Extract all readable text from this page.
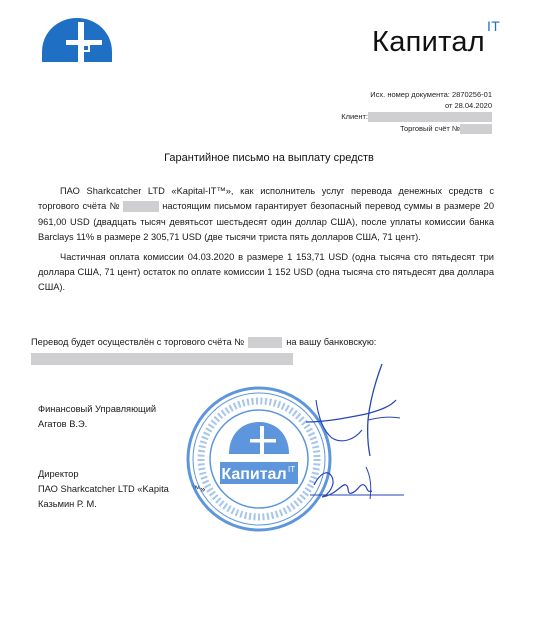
Капитал $^{IT}$
Исх. номер документа: 2870256-01
от 28.04.2020
Клиент:
Торговый счёт №
Гарантийное письмо на выплату средств

ПАО Sharkcatcher LTD «Kapital-IT™», как исполнитель услуг перевода денежных средств с торгового счёта №	настоящим письмом гарантирует безопасный перевод суммы в размере 20 961,00 USD (двадцать тысяч девятьсот шестьдесят один доллар США), после уплаты комиссии банка Barclays 11% в размере 2 305,71 USD (две тысячи триста пять долларов США, 71 цент).

Частичная оплата комиссии 04.03.2020 в размере 1 153,71 USD (одна тысяча сто пятьдесят три доллара США, 71 цент) остаток по оплате комиссии 1 152 USD (одна тысяча сто пятьдесят два доллара США).

Перевод будет осуществлён с торгового счёта №	на вашу банковскую:
Финансовый Управляющий
Агатов В.Э.
Директор
ПАО Sharkcatcher LTD «Kapita ™»
Казьмин Р. М.
Капитал IT
